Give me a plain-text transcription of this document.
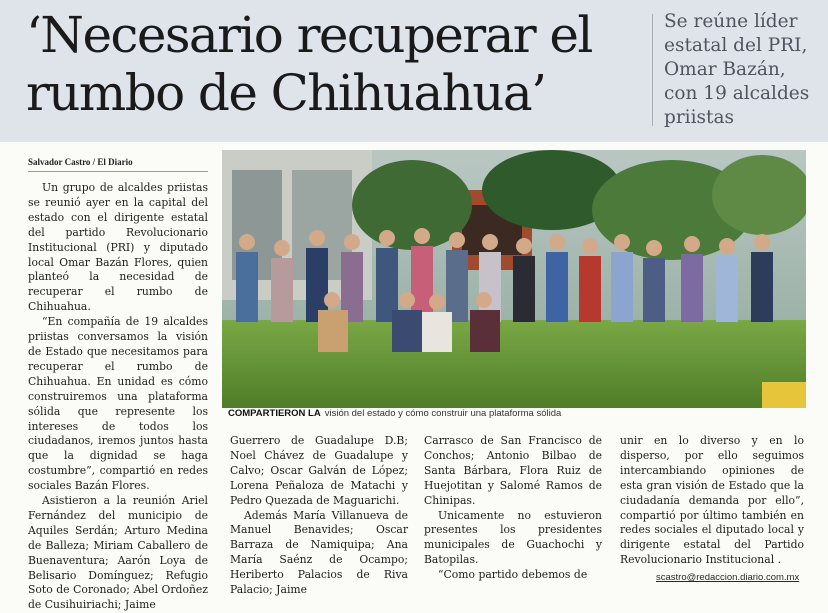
‘Necesario recuperar el rumbo de Chihuahua’

Se reúne líder estatal del PRI, Omar Bazán, con 19 alcaldes priistas

Salvador Castro / El Diario

Un grupo de alcaldes priistas se reunió ayer en la capital del estado con el dirigente estatal del partido Revolucionario Institucional (PRI) y diputado local Omar Bazán Flores, quien planteó la necesidad de recuperar el rumbo de Chihuahua.

“En compañía de 19 alcaldes priistas conversamos la visión de Estado que necesitamos para recuperar el rumbo de Chihuahua. En unidad es cómo construiremos una plataforma sólida que represente los intereses de todos los ciudadanos, iremos juntos hasta que la dignidad se haga costumbre”, compartió en redes sociales Bazán Flores.

Asistieron a la reunión Ariel Fernández del municipio de Aquiles Serdán; Arturo Medina de Balleza; Miriam Caballero de Buenaventura; Aarón Loya de Belisario Domínguez; Refugio Soto de Coronado; Abel Ordoñez de Cusihuiriachi; Jaime

COMPARTIERON LA visión del estado y cómo construir una plataforma sólida

Guerrero de Guadalupe D.B; Noel Chávez de Guadalupe y Calvo; Oscar Galván de López; Lorena Peñaloza de Matachi y Pedro Quezada de Maguarichi.

Además María Villanueva de Manuel Benavides; Oscar Barraza de Namiquipa; Ana María Saénz de Ocampo; Heriberto Palacios de Riva Palacio; Jaime

Carrasco de San Francisco de Conchos; Antonio Bilbao de Santa Bárbara, Flora Ruiz de Huejotitan y Salomé Ramos de Chinipas.

Unicamente no estuvieron presentes los presidentes municipales de Guachochi y Batopilas.

“Como partido debemos de

unir en lo diverso y en lo disperso, por ello seguimos intercambiando opiniones de esta gran visión de Estado que la ciudadanía demanda por ello”, compartió por último también en redes sociales el diputado local y dirigente estatal del Partido Revolucionario Institucional .

scastro@redaccion.diario.com.mx
